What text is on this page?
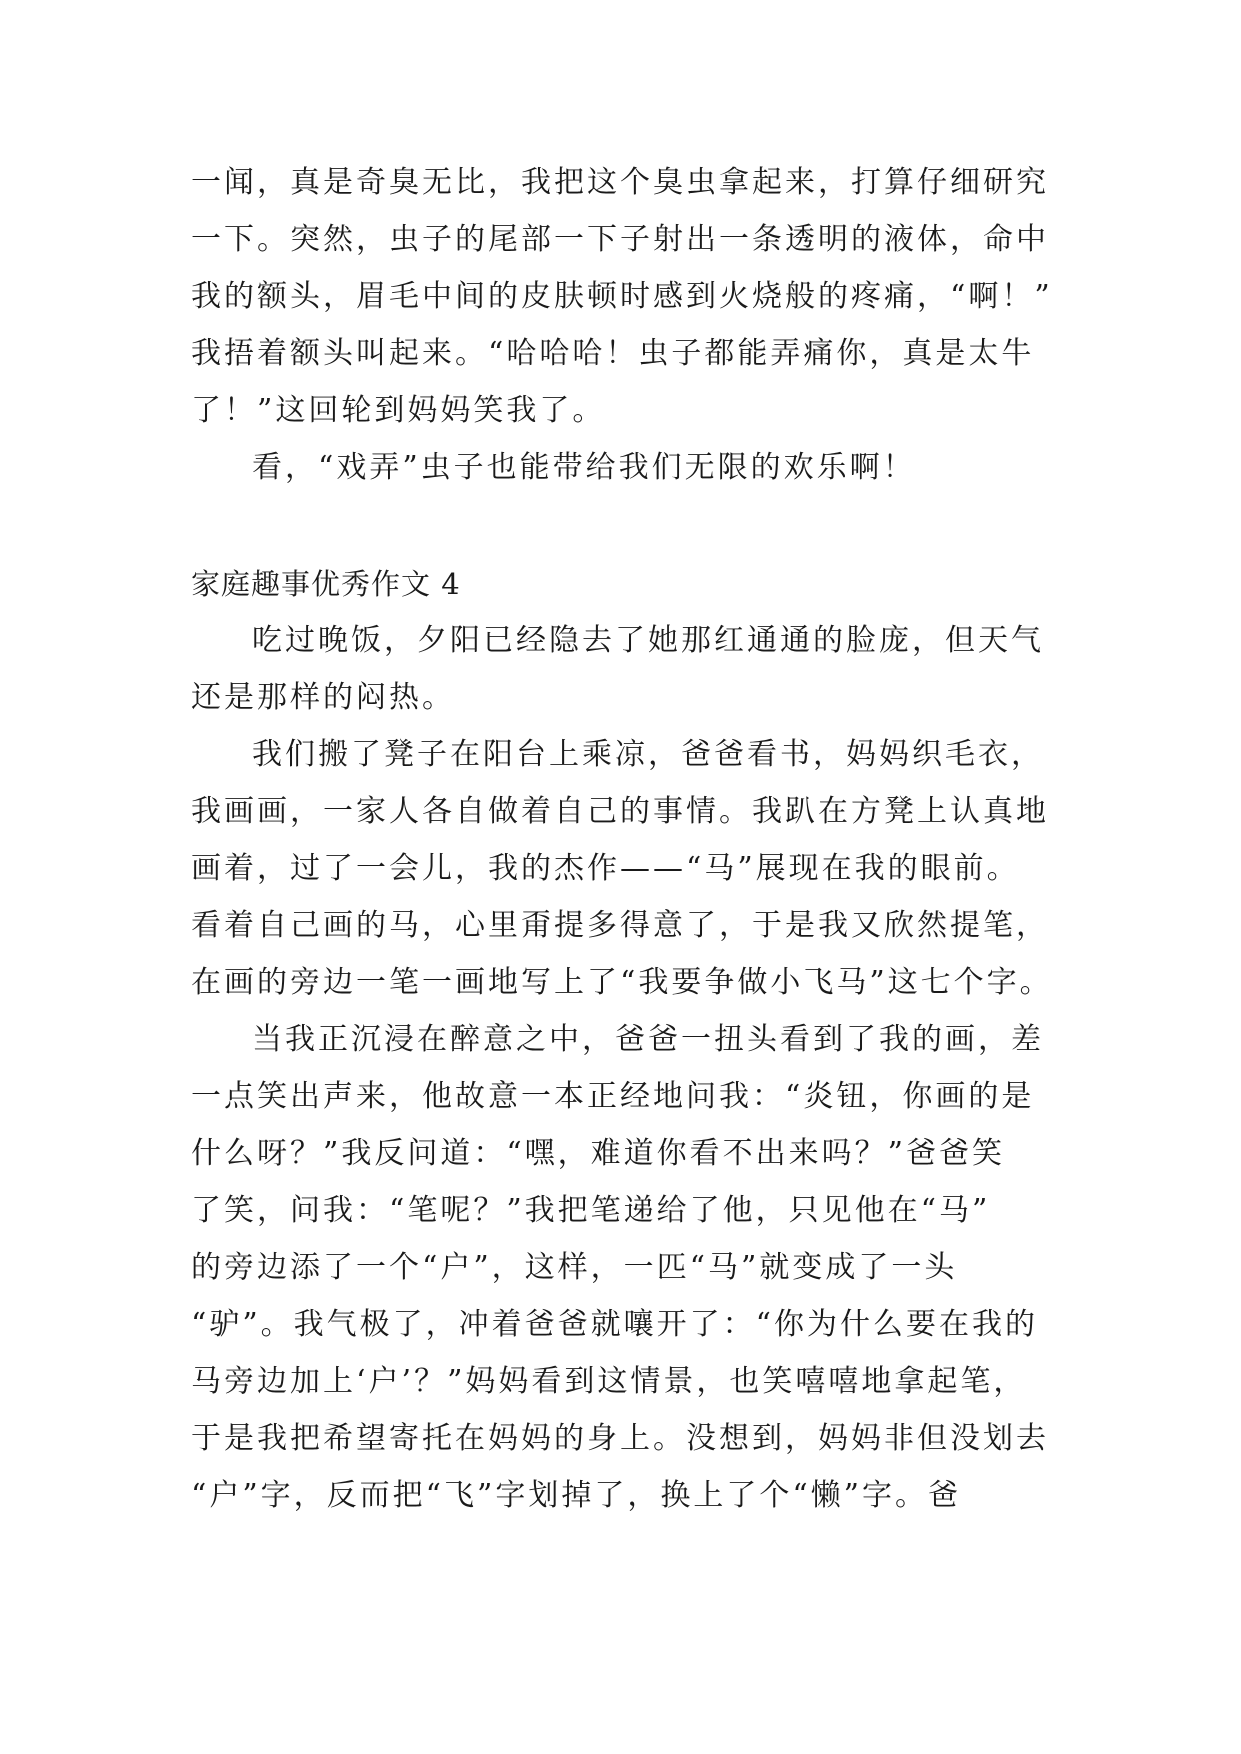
一闻，真是奇臭无比，我把这个臭虫拿起来，打算仔细研究
一下。突然，虫子的尾部一下子射出一条透明的液体，命中
我的额头，眉毛中间的皮肤顿时感到火烧般的疼痛，“啊！”
我捂着额头叫起来。“哈哈哈！虫子都能弄痛你，真是太牛
了！”这回轮到妈妈笑我了。
看，“戏弄”虫子也能带给我们无限的欢乐啊！
家庭趣事优秀作文 4
吃过晚饭，夕阳已经隐去了她那红通通的脸庞，但天气
还是那样的闷热。
我们搬了凳子在阳台上乘凉，爸爸看书，妈妈织毛衣，
我画画，一家人各自做着自己的事情。我趴在方凳上认真地
画着，过了一会儿，我的杰作——“马”展现在我的眼前。
看着自己画的马，心里甭提多得意了，于是我又欣然提笔，
在画的旁边一笔一画地写上了“我要争做小飞马”这七个字。
当我正沉浸在醉意之中，爸爸一扭头看到了我的画，差
一点笑出声来，他故意一本正经地问我：“炎钮，你画的是
什么呀？”我反问道：“嘿，难道你看不出来吗？”爸爸笑
了笑，问我：“笔呢？”我把笔递给了他，只见他在“马”
的旁边添了一个“户”，这样，一匹“马”就变成了一头
“驴”。我气极了，冲着爸爸就嚷开了：“你为什么要在我的
马旁边加上‘户’？”妈妈看到这情景，也笑嘻嘻地拿起笔，
于是我把希望寄托在妈妈的身上。没想到，妈妈非但没划去
“户”字，反而把“飞”字划掉了，换上了个“懒”字。爸
